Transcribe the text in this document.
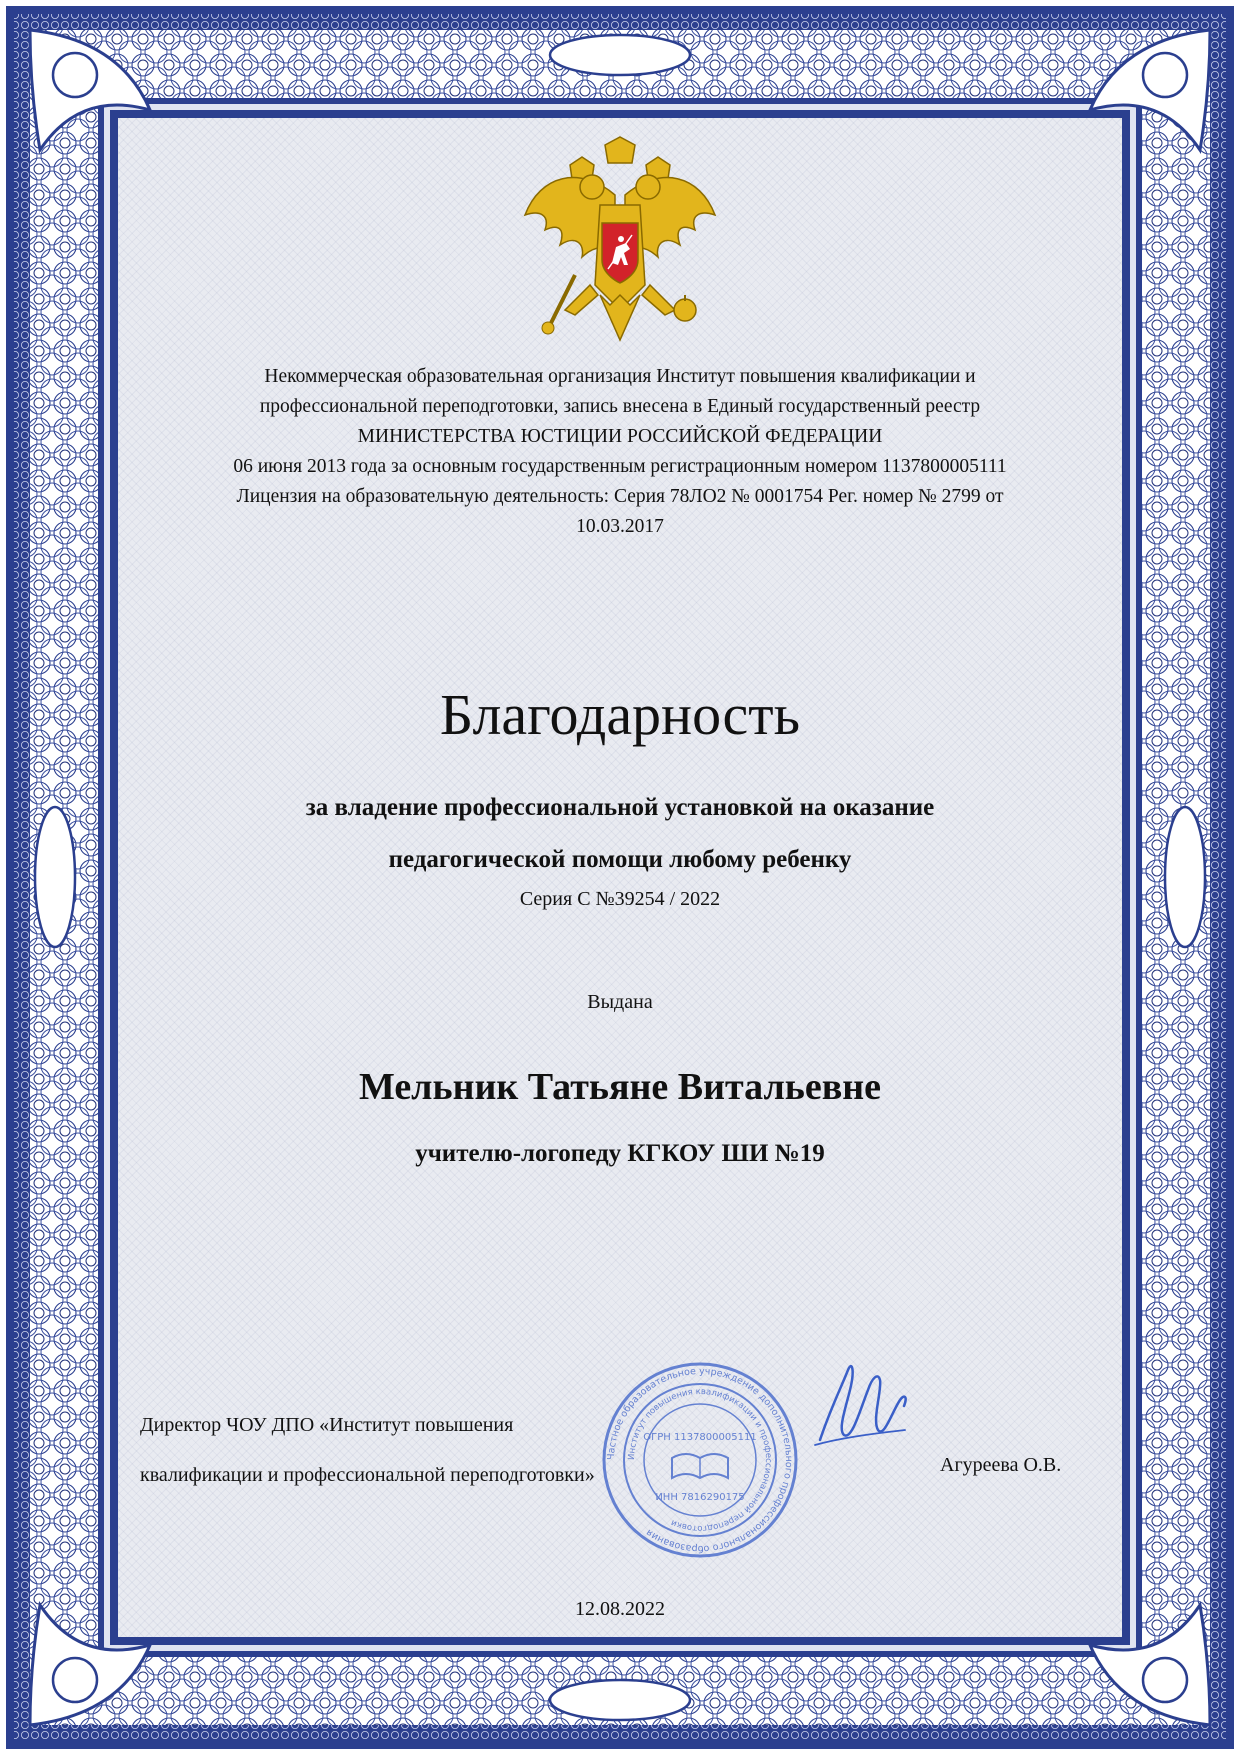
Некоммерческая образовательная организация Институт повышения квалификации и
профессиональной переподготовки, запись внесена в Единый государственный реестр
МИНИСТЕРСТВА ЮСТИЦИИ РОССИЙСКОЙ ФЕДЕРАЦИИ
06 июня 2013 года за основным государственным регистрационным номером 1137800005111
Лицензия на образовательную деятельность: Серия 78ЛО2 № 0001754 Рег. номер № 2799 от
10.03.2017
Благодарность
за владение профессиональной установкой на оказание
педагогической помощи любому ребенку
Серия С №39254 / 2022
Выдана
Мельник Татьяне Витальевне
учителю-логопеду КГКОУ ШИ №19
Директор ЧОУ ДПО «Институт повышения
квалификации и профессиональной переподготовки»
Частное образовательное учреждение дополнительного профессионального образования
Институт повышения квалификации и профессиональной переподготовки
ОГРН 1137800005111
ИНН 7816290175
Агуреева О.В.
12.08.2022
